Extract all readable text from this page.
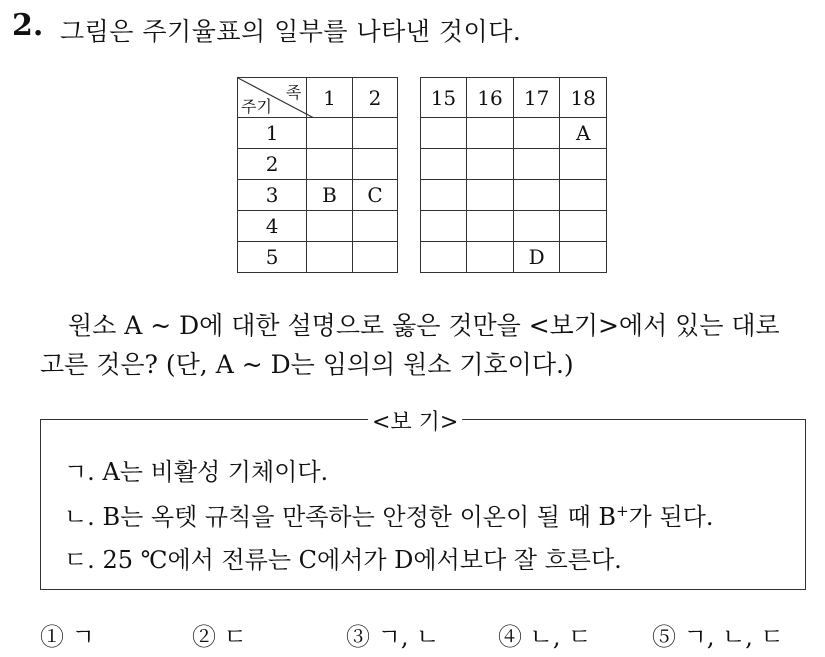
2. 그림은 주기율표의 일부를 나타낸 것이다.
족
주기	1	2		15	16	17	18
1							A
2							
3	B	C					
4							
5						D	
원소 A ~ D에 대한 설명으로 옳은 것만을 <보기>에서 있는 대로
고른 것은? (단, A ~ D는 임의의 원소 기호이다.)
<보 기>
ㄱ. A는 비활성 기체이다.
ㄴ. B는 옥텟 규칙을 만족하는 안정한 이온이 될 때 B+가 된다.
ㄷ. 25 ℃에서 전류는 C에서가 D에서보다 잘 흐른다.
① ㄱ	② ㄷ	③ ㄱ, ㄴ ④ ㄴ, ㄷ	⑤ ㄱ, ㄴ, ㄷ
